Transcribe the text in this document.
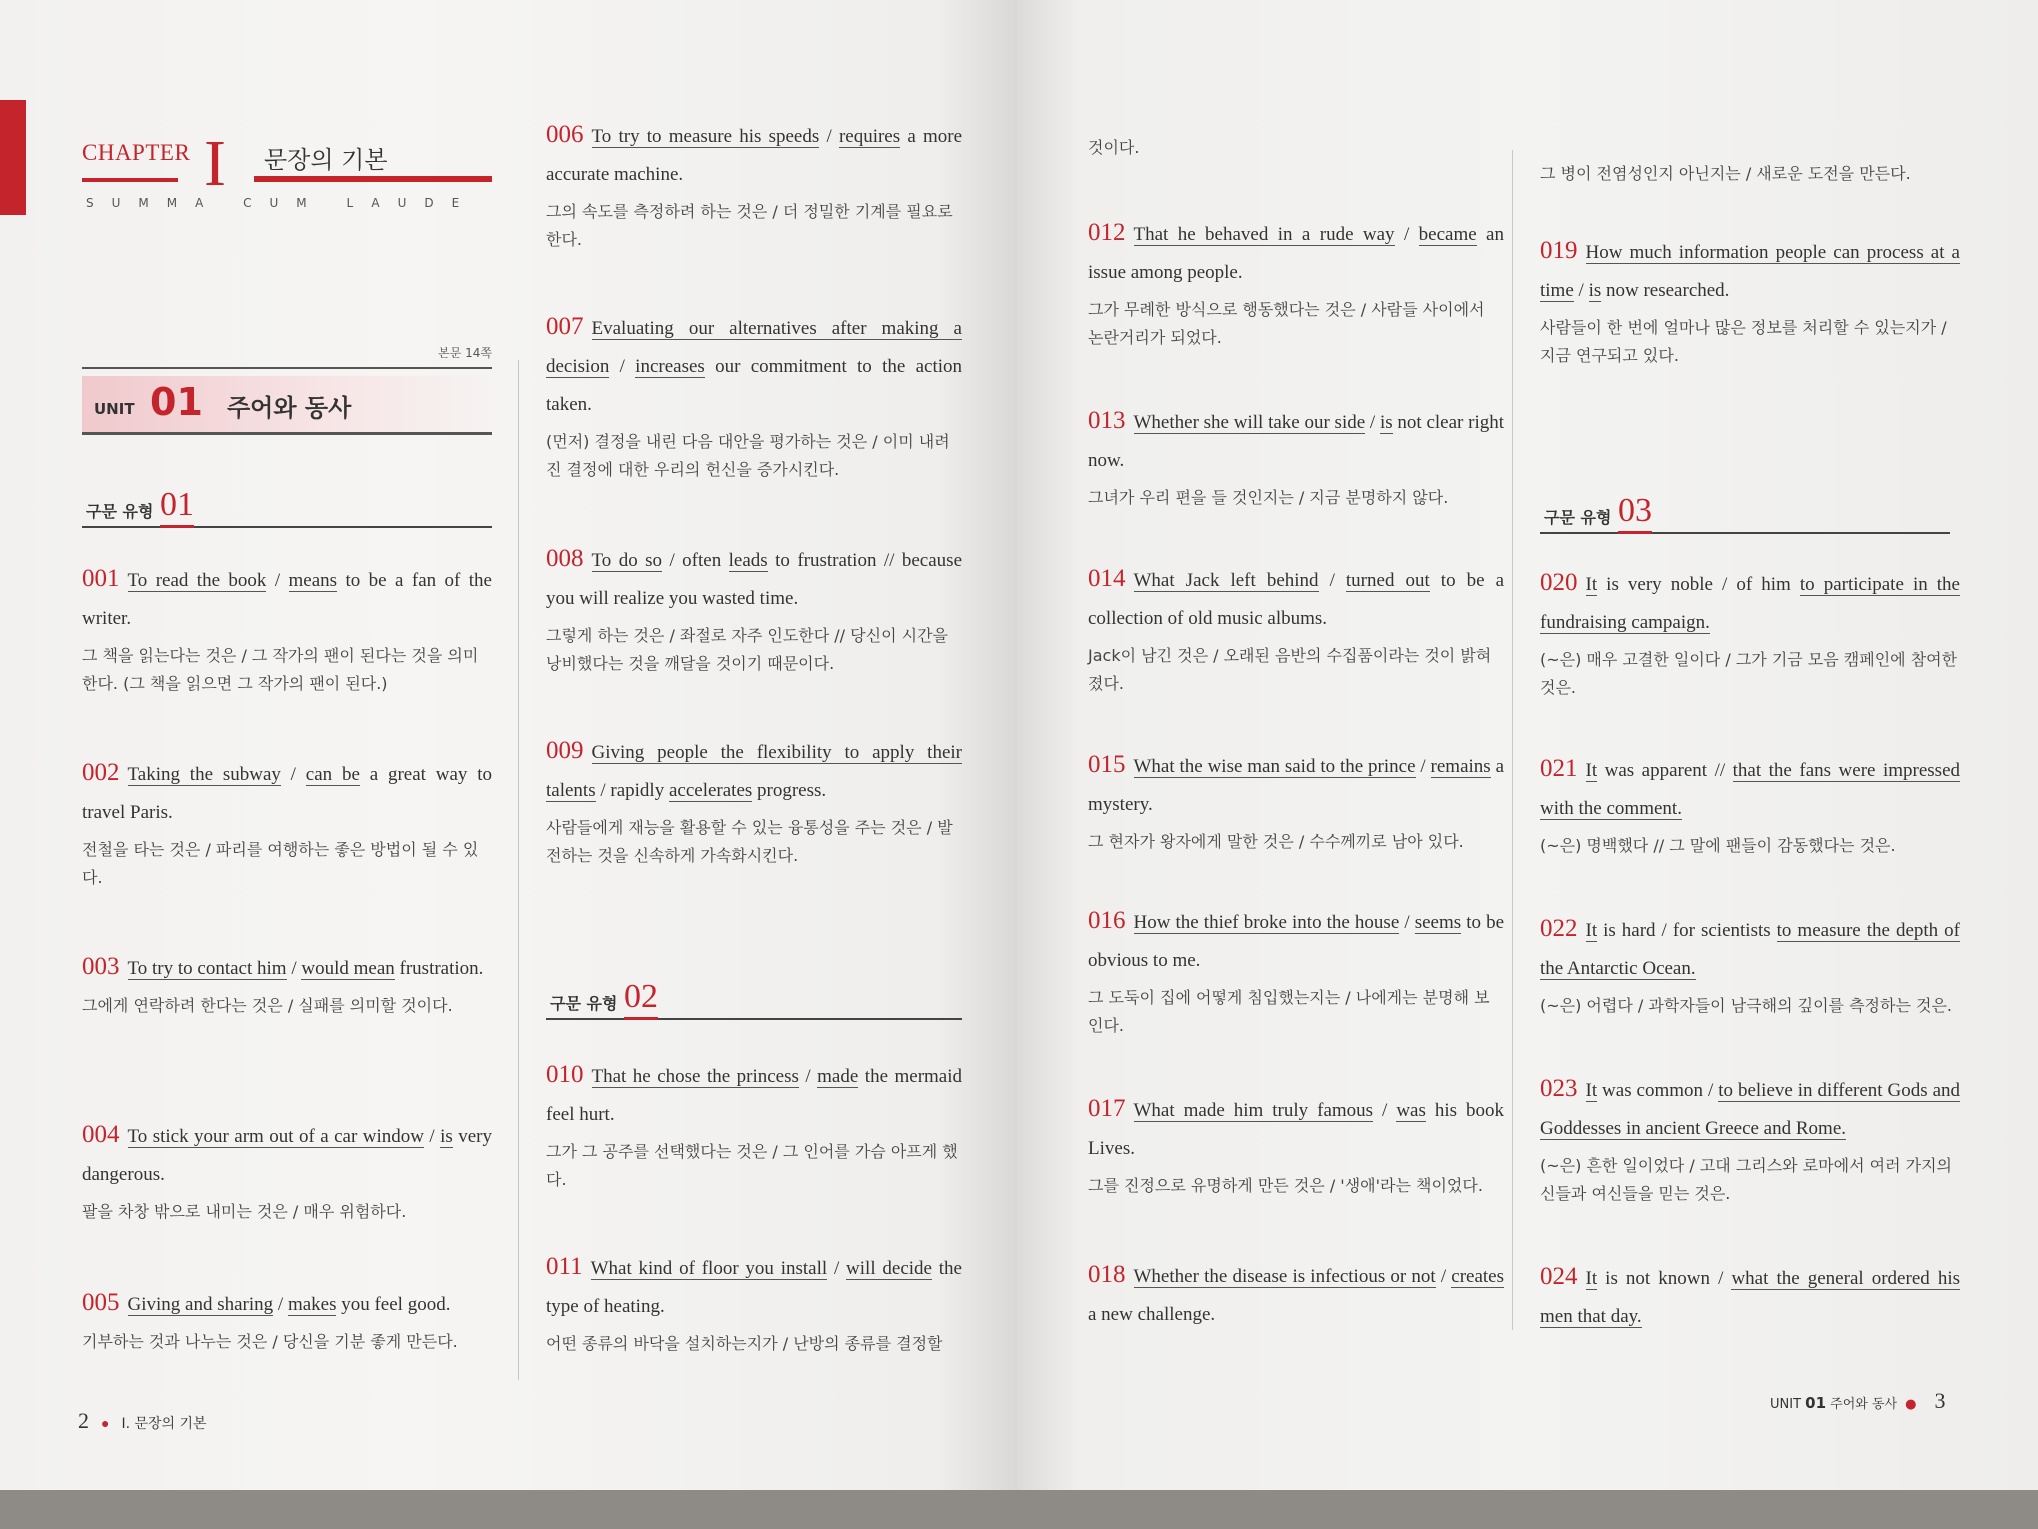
CHAPTER I 문장의 기본
SUMMA CUM LAUDE
본문 14쪽
UNIT 01 주어와 동사
구문 유형 01
001 To read the book / means to be a fan of the writer.
그 책을 읽는다는 것은 / 그 작가의 팬이 된다는 것을 의미한다. (그 책을 읽으면 그 작가의 팬이 된다.)
002 Taking the subway / can be a great way to travel Paris.
전철을 타는 것은 / 파리를 여행하는 좋은 방법이 될 수 있다.
003 To try to contact him / would mean frustration.
그에게 연락하려 한다는 것은 / 실패를 의미할 것이다.
004 To stick your arm out of a car window / is very dangerous.
팔을 차창 밖으로 내미는 것은 / 매우 위험하다.
005 Giving and sharing / makes you feel good.
기부하는 것과 나누는 것은 / 당신을 기분 좋게 만든다.
006 To try to measure his speeds / requires a more accurate machine.
그의 속도를 측정하려 하는 것은 / 더 정밀한 기계를 필요로 한다.
007 Evaluating our alternatives after making a decision / increases our commitment to the action taken.
(먼저) 결정을 내린 다음 대안을 평가하는 것은 / 이미 내려진 결정에 대한 우리의 헌신을 증가시킨다.
008 To do so / often leads to frustration // because you will realize you wasted time.
그렇게 하는 것은 / 좌절로 자주 인도한다 // 당신이 시간을 낭비했다는 것을 깨달을 것이기 때문이다.
009 Giving people the flexibility to apply their talents / rapidly accelerates progress.
사람들에게 재능을 활용할 수 있는 융통성을 주는 것은 / 발전하는 것을 신속하게 가속화시킨다.
구문 유형 02
010 That he chose the princess / made the mermaid feel hurt.
그가 그 공주를 선택했다는 것은 / 그 인어를 가슴 아프게 했다.
011 What kind of floor you install / will decide the type of heating.
어떤 종류의 바닥을 설치하는지가 / 난방의 종류를 결정할
2 ● I. 문장의 기본
것이다.
012 That he behaved in a rude way / became an issue among people.
그가 무례한 방식으로 행동했다는 것은 / 사람들 사이에서 논란거리가 되었다.
013 Whether she will take our side / is not clear right now.
그녀가 우리 편을 들 것인지는 / 지금 분명하지 않다.
014 What Jack left behind / turned out to be a collection of old music albums.
Jack이 남긴 것은 / 오래된 음반의 수집품이라는 것이 밝혀졌다.
015 What the wise man said to the prince / remains a mystery.
그 현자가 왕자에게 말한 것은 / 수수께끼로 남아 있다.
016 How the thief broke into the house / seems to be obvious to me.
그 도둑이 집에 어떻게 침입했는지는 / 나에게는 분명해 보인다.
017 What made him truly famous / was his book Lives.
그를 진정으로 유명하게 만든 것은 / '생애'라는 책이었다.
018 Whether the disease is infectious or not / creates a new challenge.
그 병이 전염성인지 아닌지는 / 새로운 도전을 만든다.
019 How much information people can process at a time / is now researched.
사람들이 한 번에 얼마나 많은 정보를 처리할 수 있는지가 / 지금 연구되고 있다.
구문 유형 03
020 It is very noble / of him to participate in the fundraising campaign.
(~은) 매우 고결한 일이다 / 그가 기금 모음 캠페인에 참여한 것은.
021 It was apparent // that the fans were impressed with the comment.
(~은) 명백했다 // 그 말에 팬들이 감동했다는 것은.
022 It is hard / for scientists to measure the depth of the Antarctic Ocean.
(~은) 어렵다 / 과학자들이 남극해의 깊이를 측정하는 것은.
023 It was common / to believe in different Gods and Goddesses in ancient Greece and Rome.
(~은) 흔한 일이었다 / 고대 그리스와 로마에서 여러 가지의 신들과 여신들을 믿는 것은.
024 It is not known / what the general ordered his men that day.
UNIT 01 주어와 동사 ● 3
